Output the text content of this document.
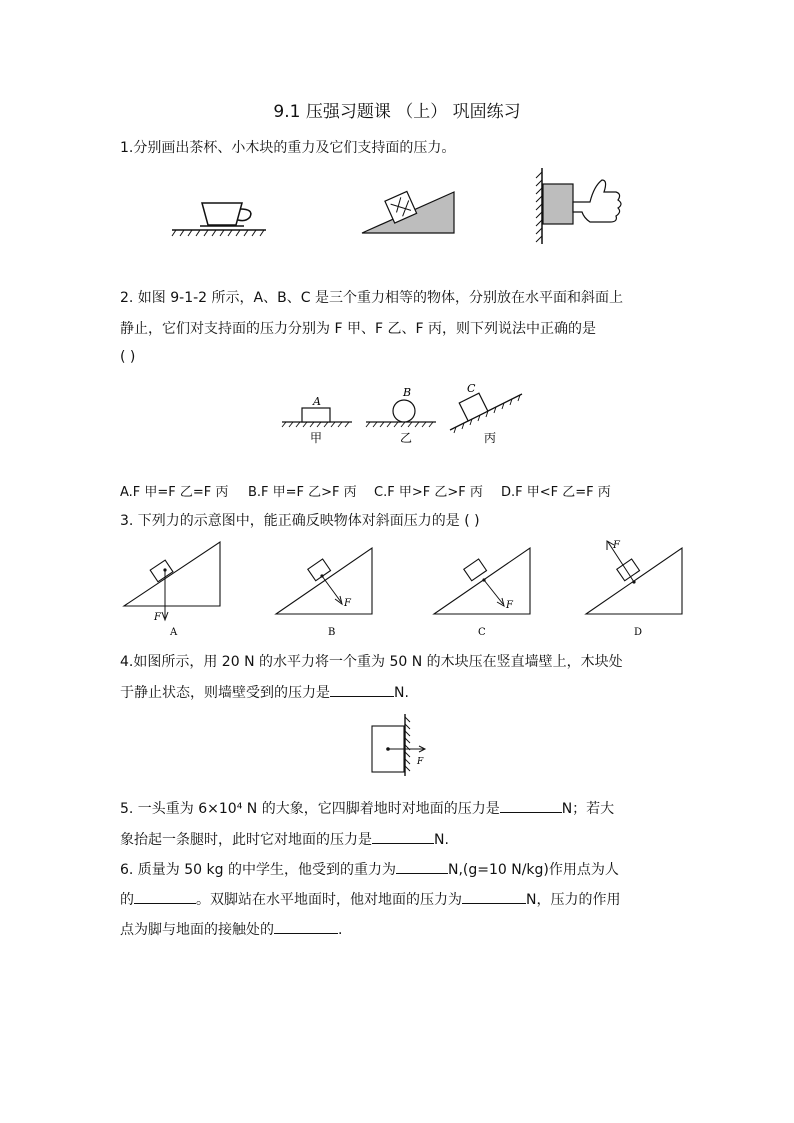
9.1 压强习题课 （上） 巩固练习
1.分别画出茶杯、小木块的重力及它们支持面的压力。
2. 如图 9-1-2 所示，A、B、C 是三个重力相等的物体，分别放在水平面和斜面上
静止，它们对支持面的压力分别为 F 甲、F 乙、F 丙，则下列说法中正确的是
( )
A
甲
B
乙
C
丙
A.F 甲=F 乙=F 丙 B.F 甲=F 乙>F 丙 C.F 甲>F 乙>F 丙 D.F 甲<F 乙=F 丙
3. 下列力的示意图中，能正确反映物体对斜面压力的是 ( )
F
A
F
B
F
C
F
D
4.如图所示，用 20 N 的水平力将一个重为 50 N 的木块压在竖直墙壁上，木块处
于静止状态，则墙壁受到的压力是	N.
F
5. 一头重为 6×10⁴ N 的大象，它四脚着地时对地面的压力是	N；若大
象抬起一条腿时，此时它对地面的压力是	N.
6. 质量为 50 kg 的中学生，他受到的重力为	N,(g=10 N/kg)作用点为人
的	。双脚站在水平地面时，他对地面的压力为	N，压力的作用
点为脚与地面的接触处的	.
